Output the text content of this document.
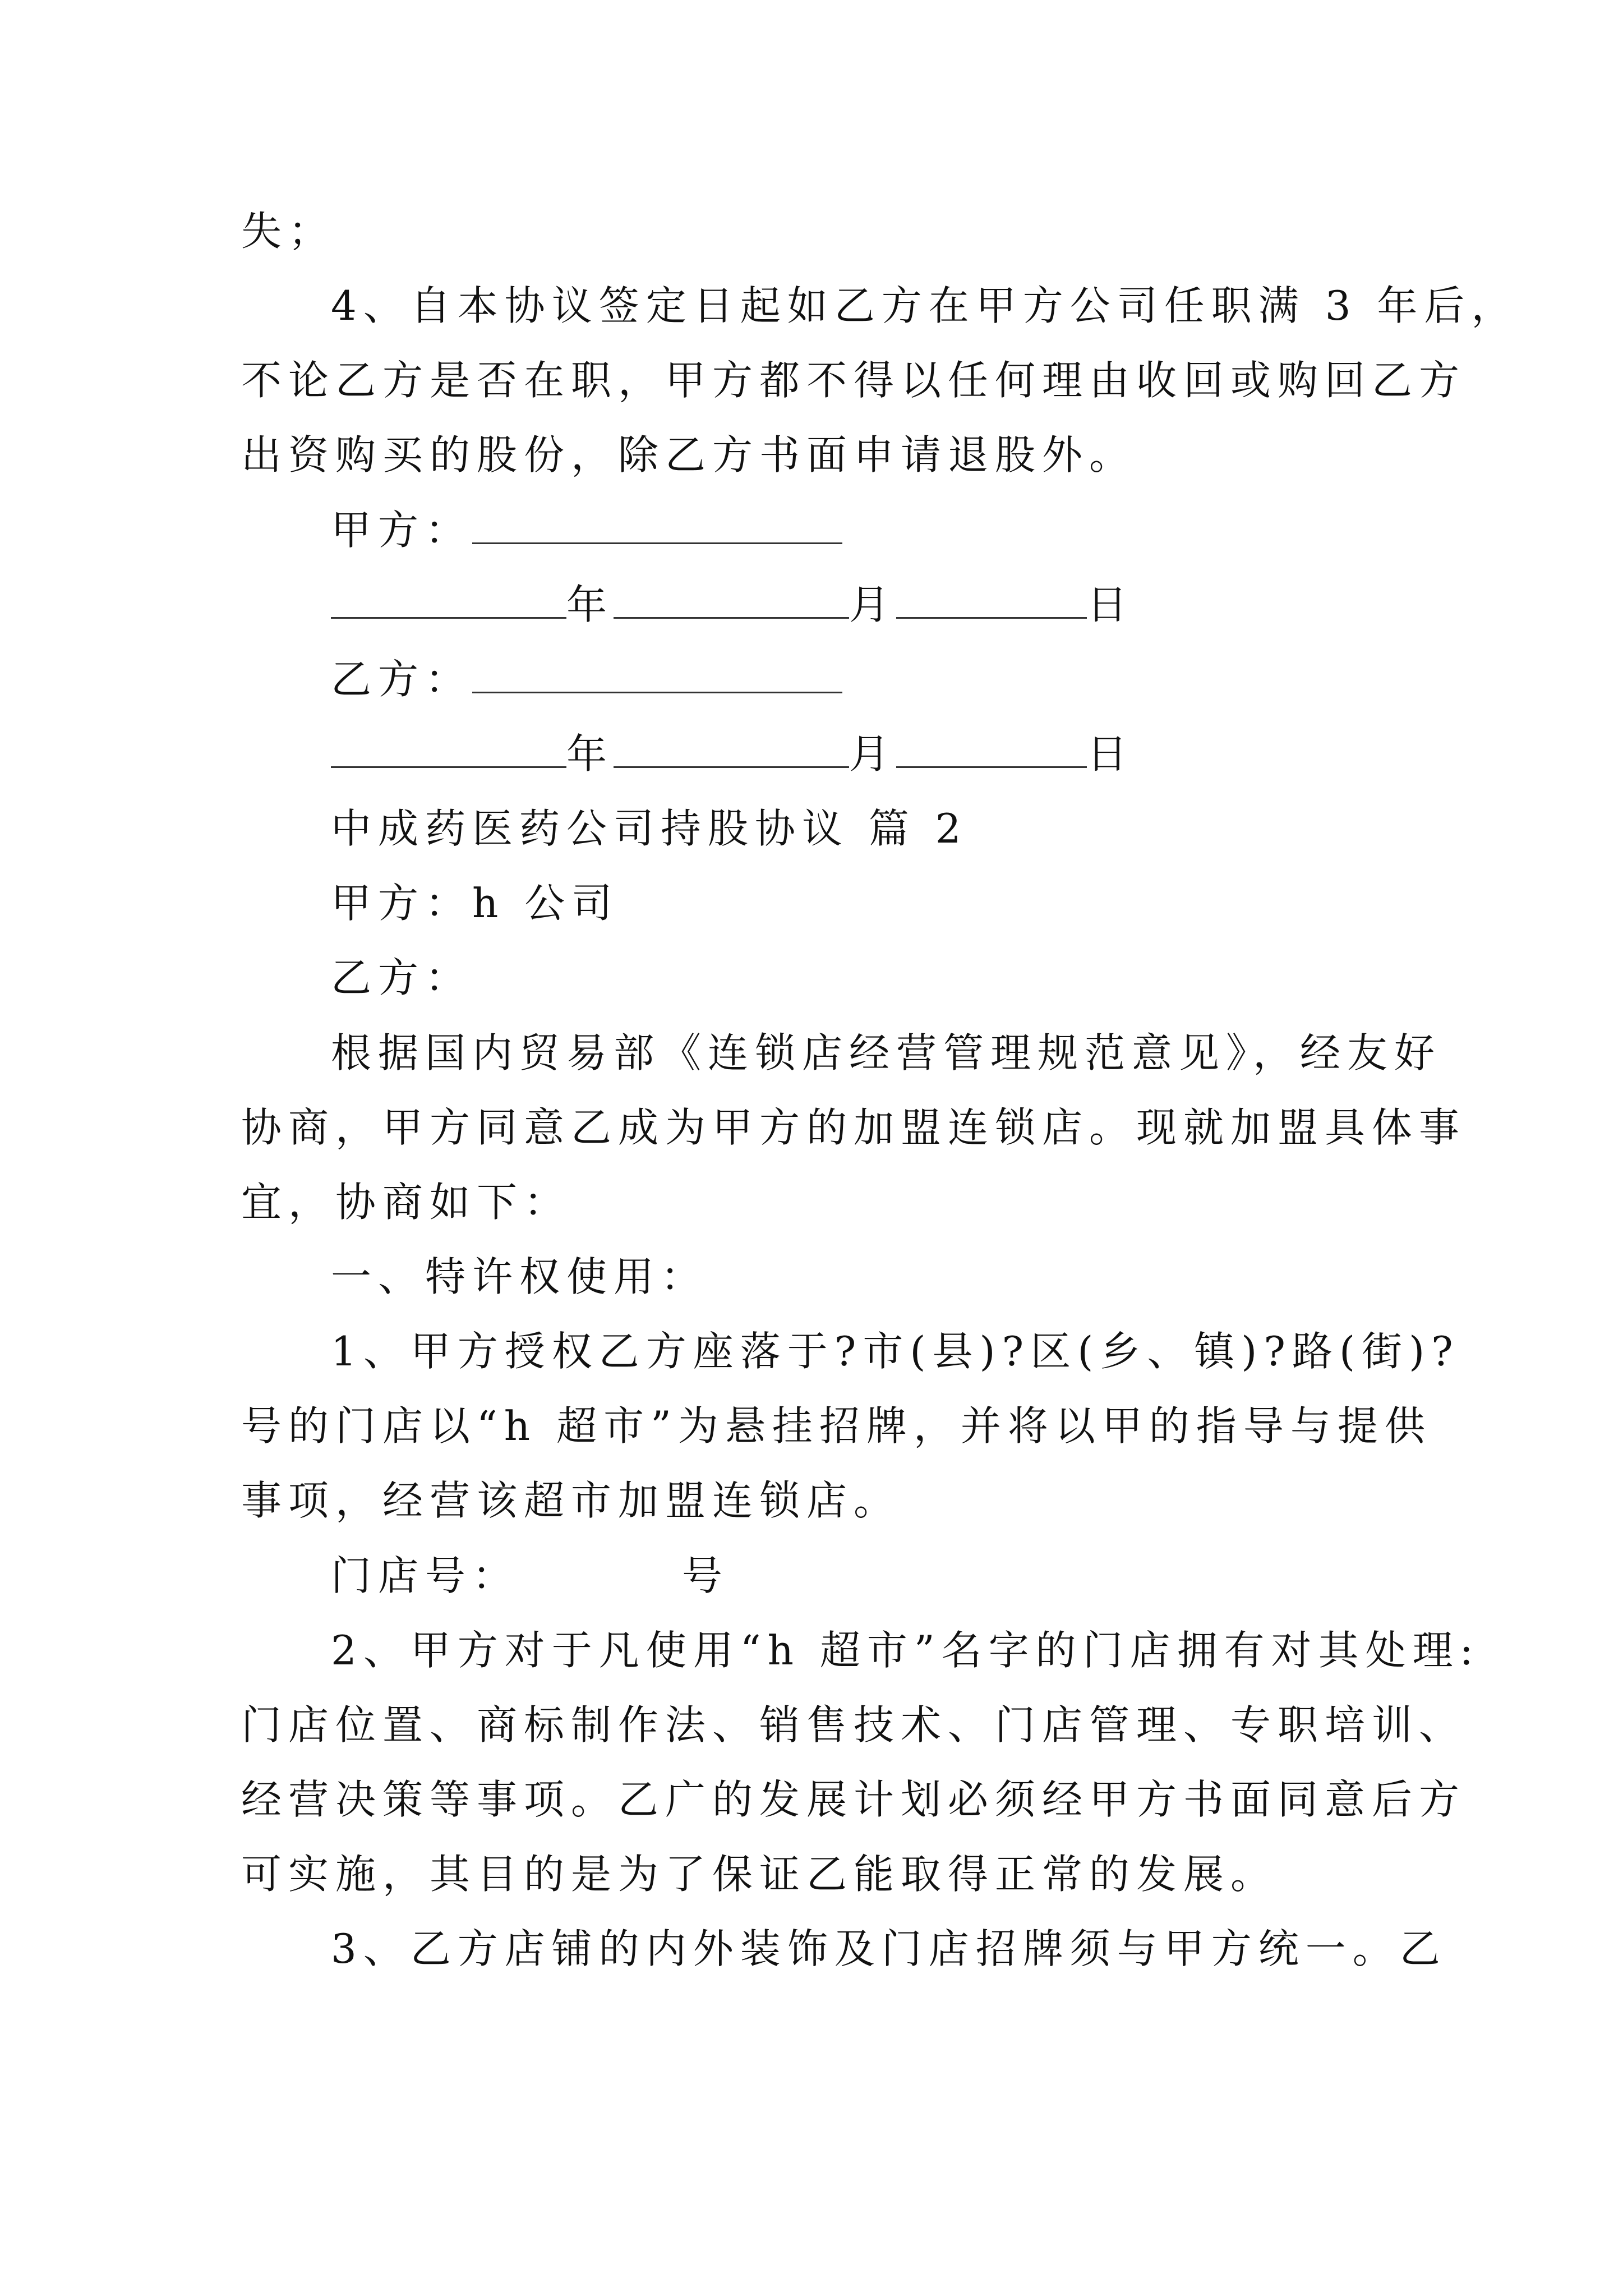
失；
4、自本协议签定日起如乙方在甲方公司任职满 3 年后，
不论乙方是否在职，甲方都不得以任何理由收回或购回乙方
出资购买的股份，除乙方书面申请退股外。
甲方：
年	月	日
乙方：
年	月	日
中成药医药公司持股协议 篇 2
甲方：h 公司
乙方：
根据国内贸易部《连锁店经营管理规范意见》，经友好
协商，甲方同意乙成为甲方的加盟连锁店。现就加盟具体事
宜，协商如下：
一、特许权使用：
1、甲方授权乙方座落于?市(县)?区(乡、镇)?路(街)?
号的门店以“h 超市”为悬挂招牌，并将以甲的指导与提供
事项，经营该超市加盟连锁店。
门店号：	号
2、甲方对于凡使用“h 超市”名字的门店拥有对其处理:
门店位置、商标制作法、销售技术、门店管理、专职培训、
经营决策等事项。乙广的发展计划必须经甲方书面同意后方
可实施，其目的是为了保证乙能取得正常的发展。
3、乙方店铺的内外装饰及门店招牌须与甲方统一。乙
